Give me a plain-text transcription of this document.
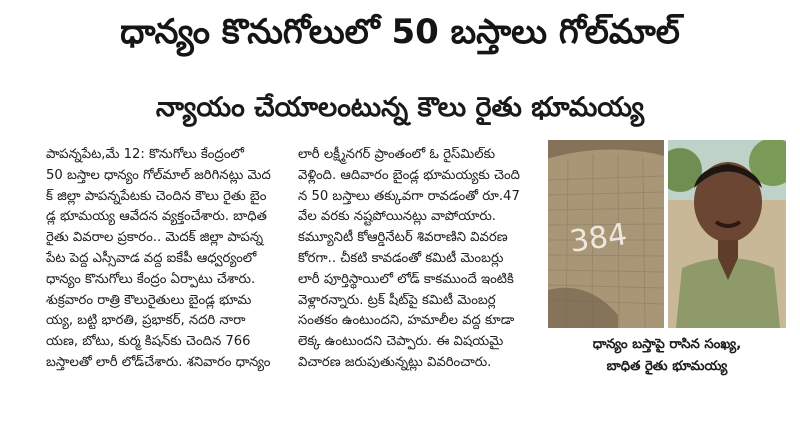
ధాన్యం కొనుగోలులో 50 బస్తాలు గోల్‌మాల్
న్యాయం చేయాలంటున్న కౌలు రైతు భూమయ్య
పాపన్నపేట,మే 12: కొనుగోలు కేంద్రంలో
50 బస్తాల ధాన్యం గోల్‌మాల్ జరిగినట్లు మెద
క్ జిల్లా పాపన్నపేటకు చెందిన కౌలు రైతు బైం
డ్ల భూమయ్య ఆవేదన వ్యక్తంచేశారు. బాధిత
రైతు వివరాల ప్రకారం.. మెదక్ జిల్లా పాపన్న
పేట పెద్ద ఎస్సీవాడ వద్ద ఐకేపీ ఆధ్వర్యంలో
ధాన్యం కొనుగోలు కేంద్రం ఏర్పాటు చేశారు.
శుక్రవారం రాత్రి కౌలురైతులు బైండ్ల భూమ
య్య, బట్టి భారతి, ప్రభాకర్, నదరి నారా
యణ, బోటు, కుర్మ కిషన్‌కు చెందిన 766
బస్తాలతో లారీ లోడ్‌చేశారు. శనివారం ధాన్యం
లారీ లక్ష్మీనగర్ ప్రాంతంలో ఓ రైస్‌మిల్‌కు
వెళ్లింది. ఆదివారం బైండ్ల భూమయ్యకు చెంది
న 50 బస్తాలు తక్కువగా రావడంతో రూ.47
వేల వరకు నష్టపోయినట్లు వాపోయారు.
కమ్యూనిటీ కోఆర్డినేటర్ శివరాణిని వివరణ
కోరగా.. చీకటి కావడంతో కమిటీ మెంబర్లు
లారీ పూర్తిస్థాయిలో లోడ్ కాకముందే ఇంటికి
వెళ్లారన్నారు. ట్రక్ షీట్‌పై కమిటీ మెంబర్ల
సంతకం ఉంటుందని, హమాలీల వద్ద కూడా
లెక్క ఉంటుందని చెప్పారు. ఈ విషయమై
విచారణ జరుపుతున్నట్లు వివరించారు.
384
ధాన్యం బస్తాపై రాసిన సంఖ్య,
బాధిత రైతు భూమయ్య
